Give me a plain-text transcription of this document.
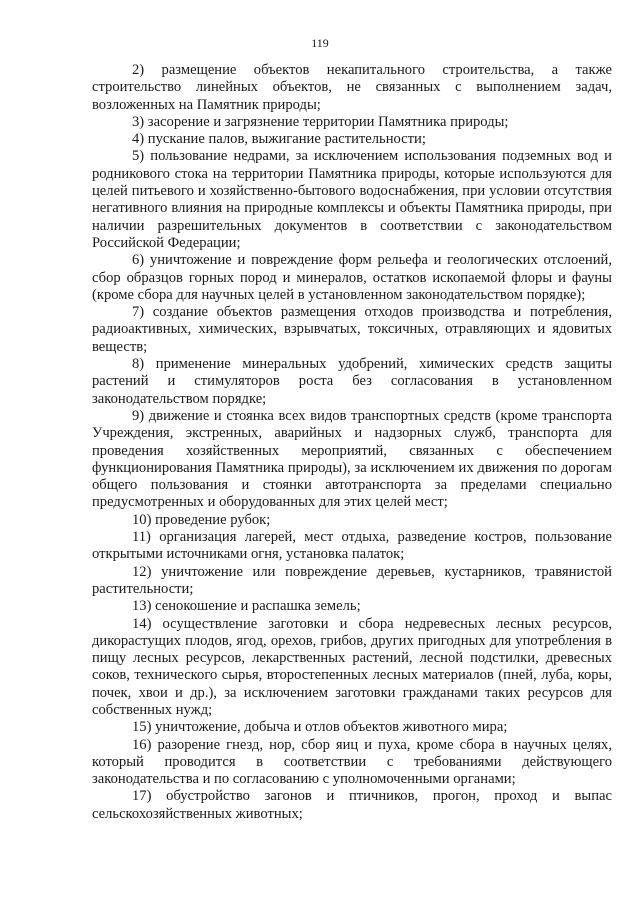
119

2) размещение объектов некапитального строительства, а также строительство линейных объектов, не связанных с выполнением задач, возложенных на Памятник природы;

3) засорение и загрязнение территории Памятника природы;

4) пускание палов, выжигание растительности;

5) пользование недрами, за исключением использования подземных вод и родникового стока на территории Памятника природы, которые используются для целей питьевого и хозяйственно-бытового водоснабжения, при условии отсутствия негативного влияния на природные комплексы и объекты Памятника природы, при наличии разрешительных документов в соответствии с законодательством Российской Федерации;

6) уничтожение и повреждение форм рельефа и геологических отслоений, сбор образцов горных пород и минералов, остатков ископаемой флоры и фауны (кроме сбора для научных целей в установленном законодательством порядке);

7) создание объектов размещения отходов производства и потребления, радиоактивных, химических, взрывчатых, токсичных, отравляющих и ядовитых веществ;

8) применение минеральных удобрений, химических средств защиты растений и стимуляторов роста без согласования в установленном законодательством порядке;

9) движение и стоянка всех видов транспортных средств (кроме транспорта Учреждения, экстренных, аварийных и надзорных служб, транспорта для проведения хозяйственных мероприятий, связанных с обеспечением функционирования Памятника природы), за исключением их движения по дорогам общего пользования и стоянки автотранспорта за пределами специально предусмотренных и оборудованных для этих целей мест;

10) проведение рубок;

11) организация лагерей, мест отдыха, разведение костров, пользование открытыми источниками огня, установка палаток;

12) уничтожение или повреждение деревьев, кустарников, травянистой растительности;

13) сенокошение и распашка земель;

14) осуществление заготовки и сбора недревесных лесных ресурсов, дикорастущих плодов, ягод, орехов, грибов, других пригодных для употребления в пищу лесных ресурсов, лекарственных растений, лесной подстилки, древесных соков, технического сырья, второстепенных лесных материалов (пней, луба, коры, почек, хвои и др.), за исключением заготовки гражданами таких ресурсов для собственных нужд;

15) уничтожение, добыча и отлов объектов животного мира;

16) разорение гнезд, нор, сбор яиц и пуха, кроме сбора в научных целях, который проводится в соответствии с требованиями действующего законодательства и по согласованию с уполномоченными органами;

17) обустройство загонов и птичников, прогон, проход и выпас сельскохозяйственных животных;
